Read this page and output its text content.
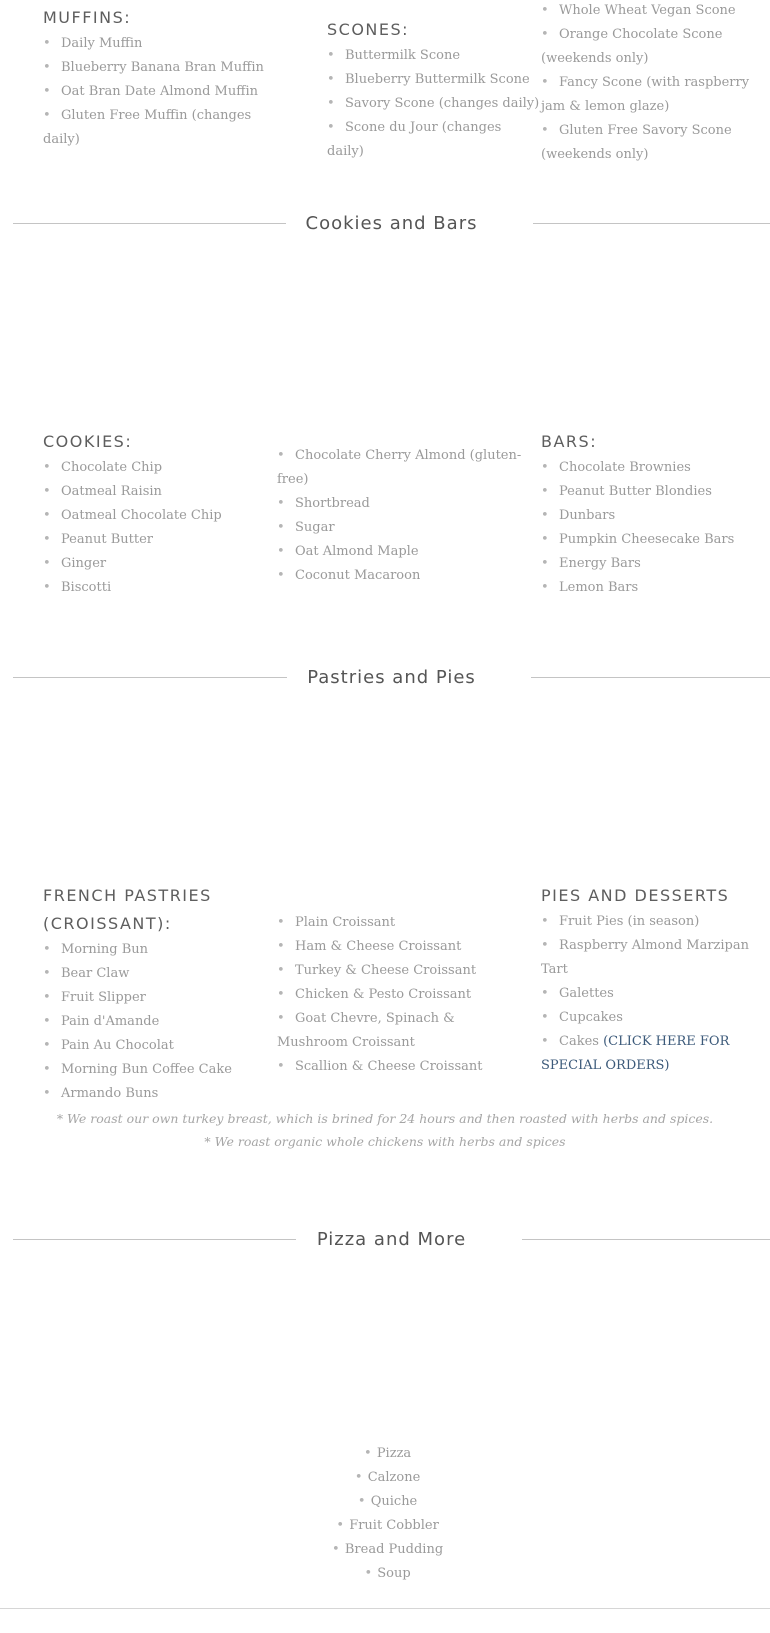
MUFFINS:
• Daily Muffin
• Blueberry Banana Bran Muffin
• Oat Bran Date Almond Muffin
• Gluten Free Muffin (changes daily)
SCONES:
• Buttermilk Scone
• Blueberry Buttermilk Scone
• Savory Scone (changes daily)
• Scone du Jour (changes daily)
• Whole Wheat Vegan Scone
• Orange Chocolate Scone (weekends only)
• Fancy Scone (with raspberry jam & lemon glaze)
• Gluten Free Savory Scone (weekends only)
Cookies and Bars
COOKIES:
• Chocolate Chip
• Oatmeal Raisin
• Oatmeal Chocolate Chip
• Peanut Butter
• Ginger
• Biscotti
• Chocolate Cherry Almond (gluten-free)
• Shortbread
• Sugar
• Oat Almond Maple
• Coconut Macaroon
BARS:
• Chocolate Brownies
• Peanut Butter Blondies
• Dunbars
• Pumpkin Cheesecake Bars
• Energy Bars
• Lemon Bars
Pastries and Pies
FRENCH PASTRIES (CROISSANT):
• Morning Bun
• Bear Claw
• Fruit Slipper
• Pain d'Amande
• Pain Au Chocolat
• Morning Bun Coffee Cake
• Armando Buns
• Plain Croissant
• Ham & Cheese Croissant
• Turkey & Cheese Croissant
• Chicken & Pesto Croissant
• Goat Chevre, Spinach & Mushroom Croissant
• Scallion & Cheese Croissant
PIES AND DESSERTS
• Fruit Pies (in season)
• Raspberry Almond Marzipan Tart
• Galettes
• Cupcakes
• Cakes (CLICK HERE FOR SPECIAL ORDERS)
* We roast our own turkey breast, which is brined for 24 hours and then roasted with herbs and spices.
* We roast organic whole chickens with herbs and spices
Pizza and More
• Pizza
• Calzone
• Quiche
• Fruit Cobbler
• Bread Pudding
• Soup
